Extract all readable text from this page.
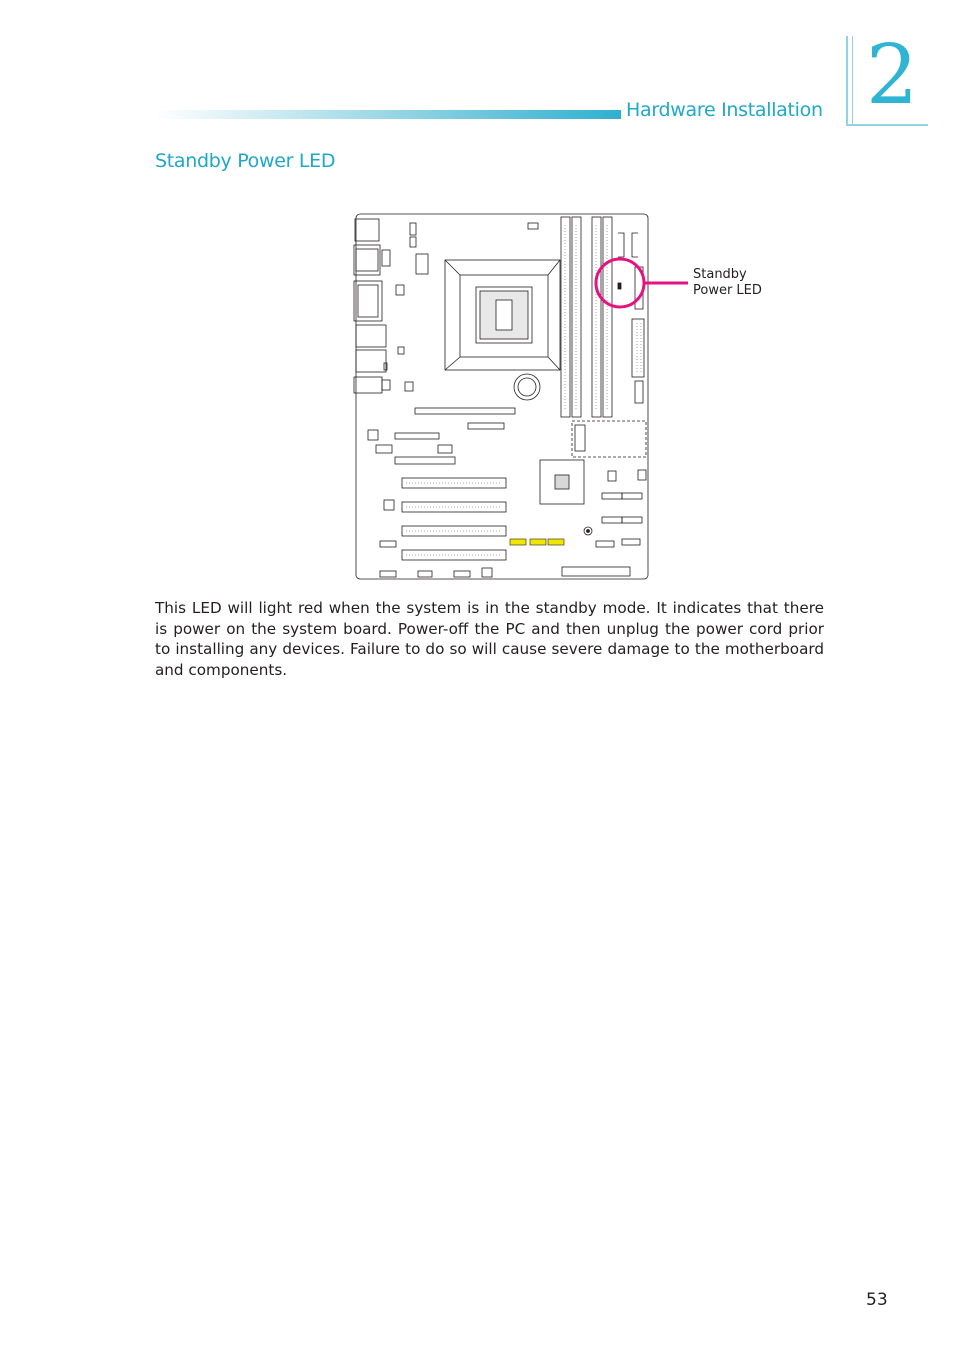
Hardware Installation 2
Standby Power LED
Standby
Power LED
This LED will light red when the system is in the standby mode. It indicates that there is power on the system board. Power-off the PC and then unplug the power cord prior to installing any devices. Failure to do so will cause severe damage to the motherboard and components.
53
